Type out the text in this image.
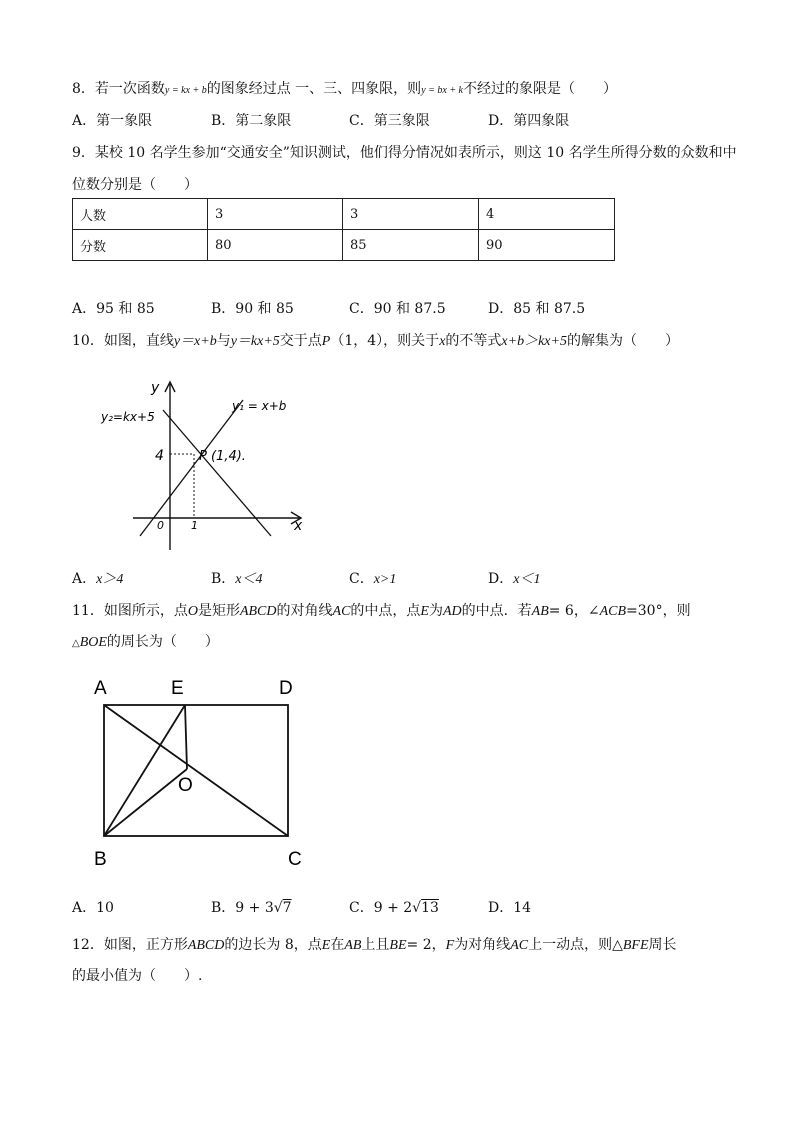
8．若一次函数y = kx + b的图象经过点 一、三、四象限，则y = bx + k不经过的象限是（　　）
A．第一象限	B．第二象限	C．第三象限	D．第四象限
9．某校 10 名学生参加“交通安全”知识测试，他们得分情况如表所示，则这 10 名学生所得分数的众数和中
位数分别是（　　）
人数	3	3	4
分数	80	85	90
A．95 和 85	B．90 和 85	C．90 和 87.5	D．85 和 87.5
10．如图，直线y＝x+b与y＝kx+5交于点P（1，4），则关于x的不等式x+b＞kx+5的解集为（　　）
y
x
0 1
4
y₂=kx+5
y₁ = x+b
P (1,4).
A．x＞4	B．x＜4	C．x>1	D．x＜1
11．如图所示，点O是矩形ABCD的对角线AC的中点，点E为AD的中点．若AB= 6，∠ACB=30°，则
△BOE的周长为（　　）
A	E	D
O
B	C
A．10	B．9 + 3√7	C．9 + 2√13	D．14
12．如图，正方形ABCD的边长为 8，点E在AB上且BE= 2，F为对角线AC上一动点，则△BFE周长
的最小值为（　　）.
